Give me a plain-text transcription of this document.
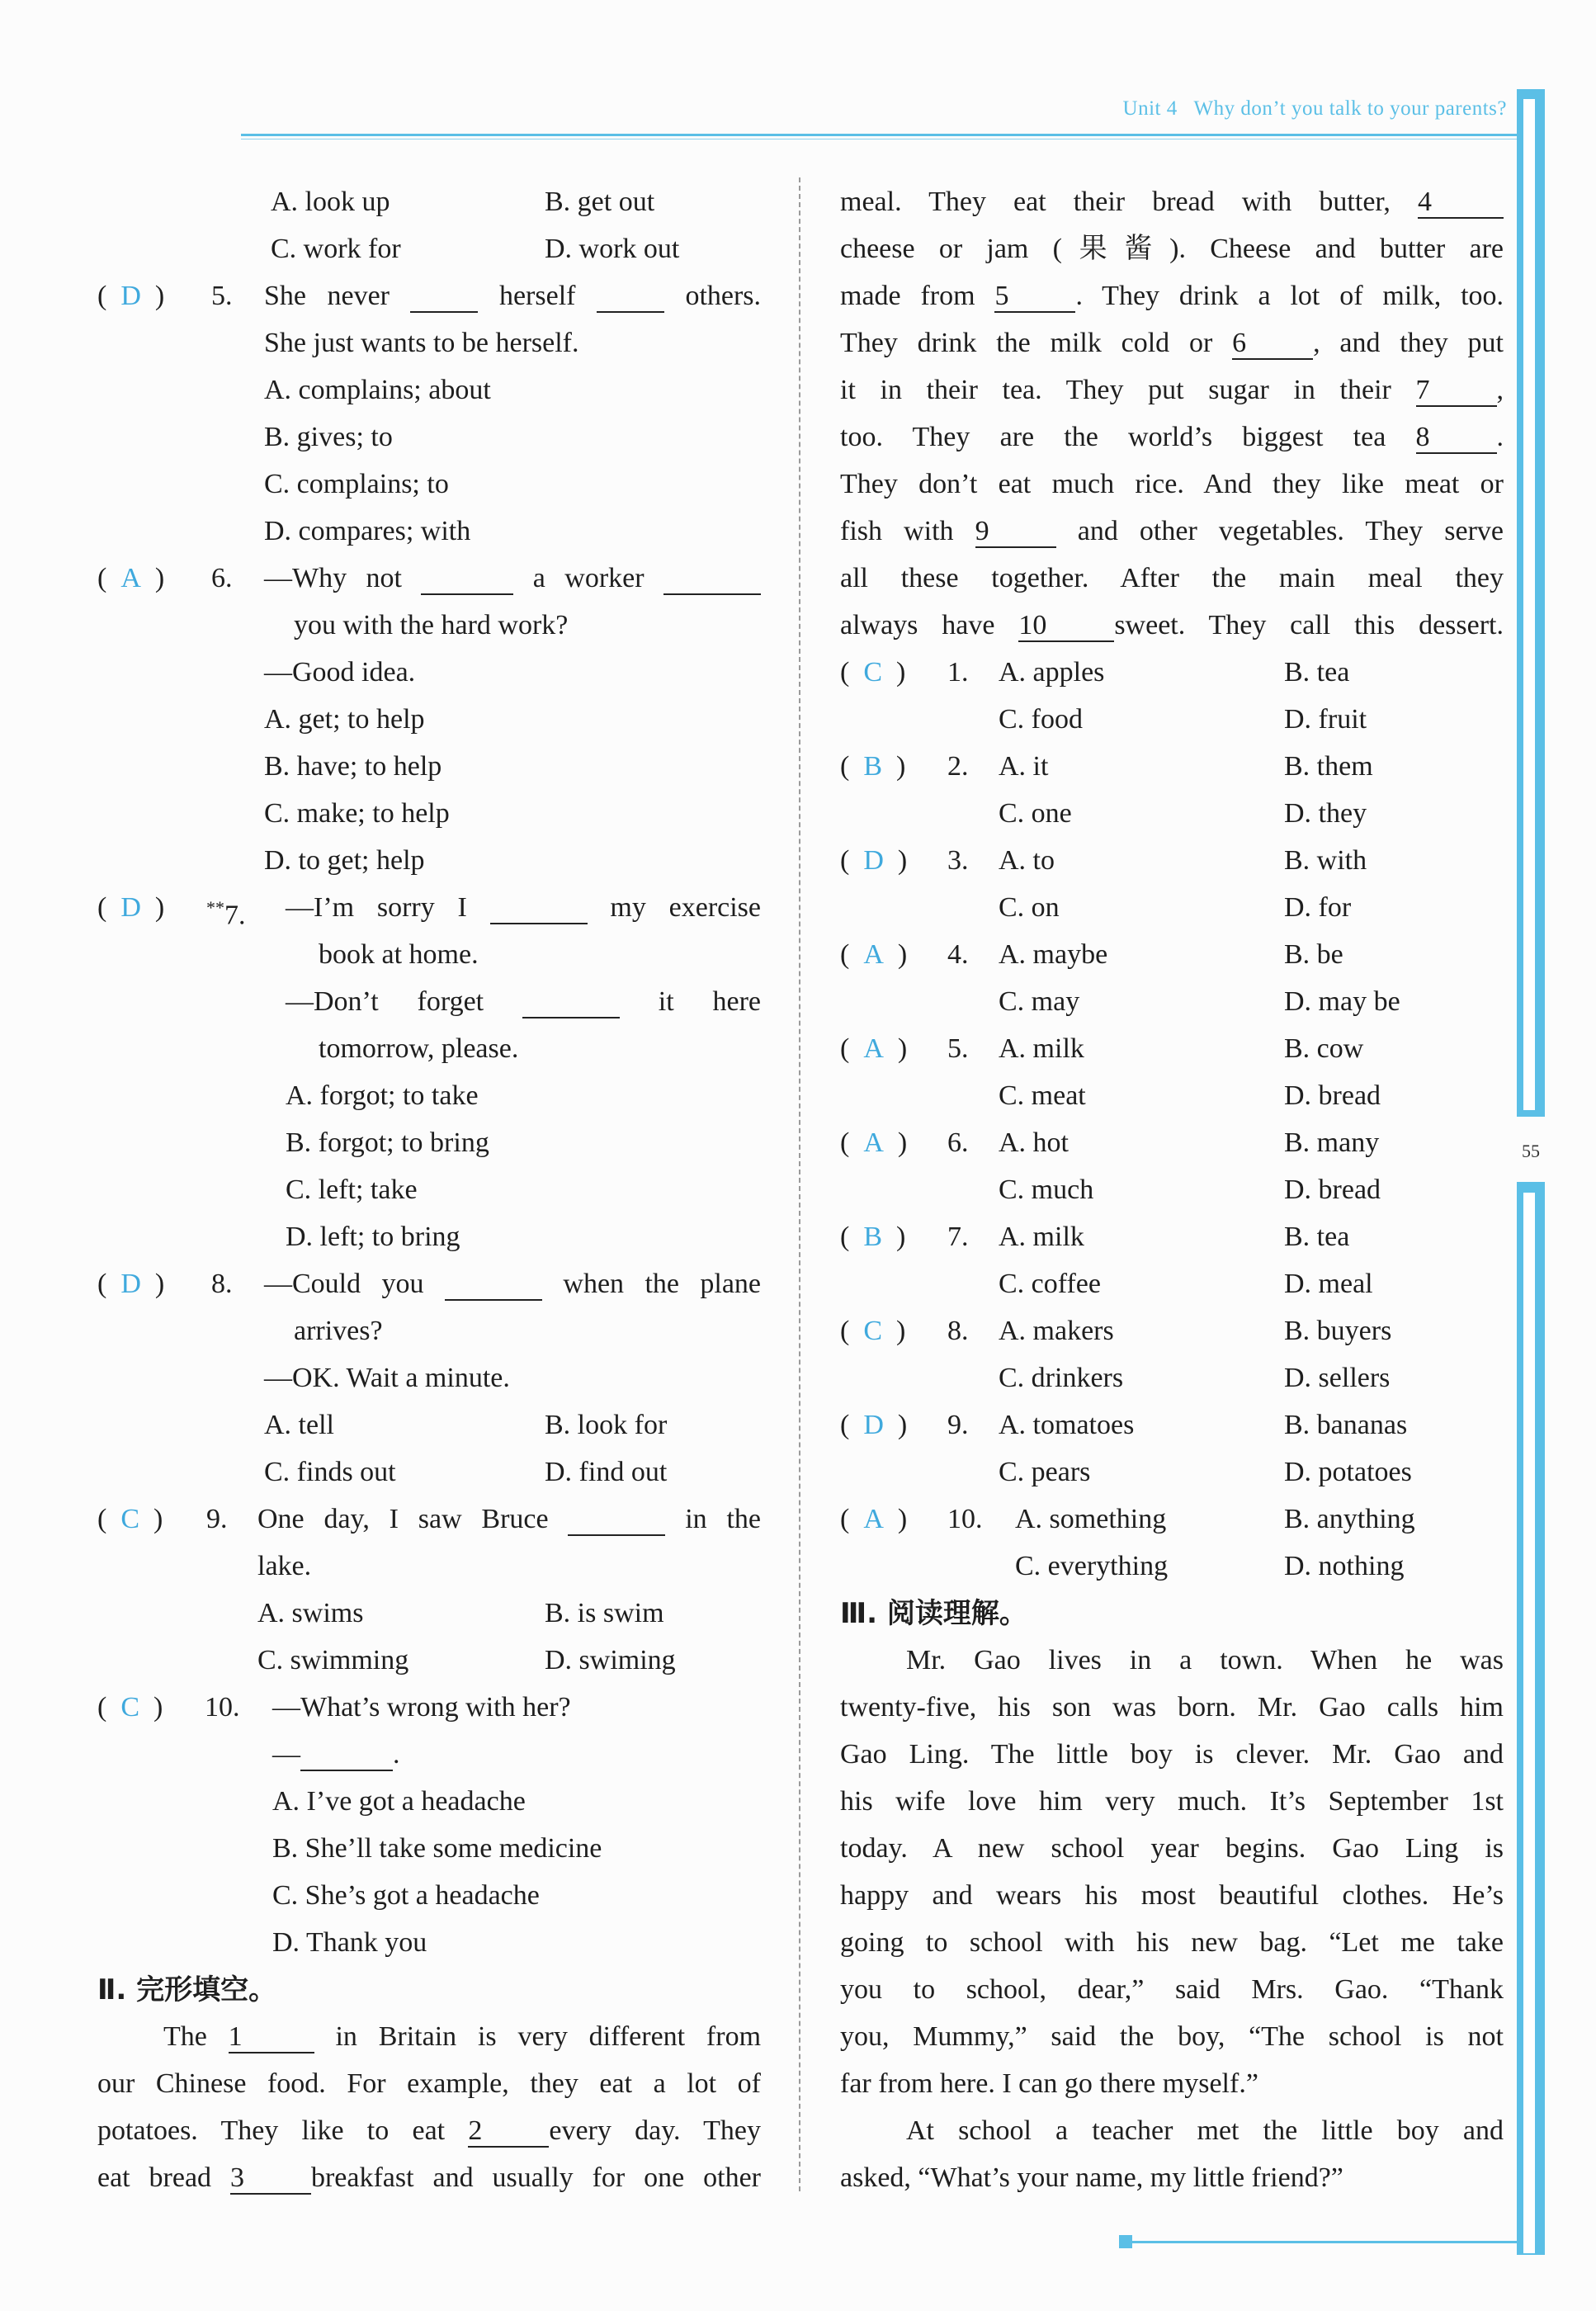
Unit 4 Why don’t you talk to your parents?
55
A. look up	B. get out
C. work for	D. work out
(  D  ) 5. She never	herself	others.
She just wants to be herself.
A. complains; about
B. gives; to
C. complains; to
D. compares; with
(  A  ) 6. —Why not	a worker
you with the hard work?
—Good idea.
A. get; to help
B. have; to help
C. make; to help
D. to get; help
(  D  ) **7. —I’m sorry I	my exercise
book at home.
—Don’t forget	it here
tomorrow, please.
A. forgot; to take
B. forgot; to bring
C. left; take
D. left; to bring
(  D  ) 8. —Could you	when the plane
arrives?
—OK. Wait a minute.
A. tell	B. look for
C. finds out	D. find out
(  C  ) 9. One day, I saw Bruce	in the
lake.
A. swims	B. is swim
C. swimming	D. swiming
(  C  ) 10. —What’s wrong with her?
—	.
A. I’ve got a headache
B. She’ll take some medicine
C. She’s got a headache
D. Thank you
Ⅱ. 完形填空。
The 1	in Britain is very different from
our Chinese food. For example, they eat a lot of
potatoes. They like to eat 2 every day. They
eat bread 3 breakfast and usually for one other
meal. They eat their bread with butter, 4
cheese or jam (果酱). Cheese and butter are
made from 5 . They drink a lot of milk, too.
They drink the milk cold or 6 , and they put
it in their tea. They put sugar in their 7 ,
too. They are the world’s biggest tea 8 .
They don’t eat much rice. And they like meat or
fish with 9	and other vegetables. They serve
all these together. After the main meal they
always have 10 sweet. They call this dessert.
(  C  ) 1. A. apples	B. tea
C. food	D. fruit
(  B  ) 2. A. it	B. them
C. one	D. they
(  D  ) 3. A. to	B. with
C. on	D. for
(  A  ) 4. A. maybe	B. be
C. may	D. may be
(  A  ) 5. A. milk	B. cow
C. meat	D. bread
(  A  ) 6. A. hot	B. many
C. much	D. bread
(  B  ) 7. A. milk	B. tea
C. coffee	D. meal
(  C  ) 8. A. makers	B. buyers
C. drinkers	D. sellers
(  D  ) 9. A. tomatoes	B. bananas
C. pears	D. potatoes
(  A  ) 10. A. something	B. anything
C. everything	D. nothing
Ⅲ. 阅读理解。
Mr. Gao lives in a town. When he was
twenty-five, his son was born. Mr. Gao calls him
Gao Ling. The little boy is clever. Mr. Gao and
his wife love him very much. It’s September 1st
today. A new school year begins. Gao Ling is
happy and wears his most beautiful clothes. He’s
going to school with his new bag. “Let me take
you to school, dear,” said Mrs. Gao. “Thank
you, Mummy,” said the boy, “The school is not
far from here. I can go there myself.”
At school a teacher met the little boy and
asked, “What’s your name, my little friend?”
